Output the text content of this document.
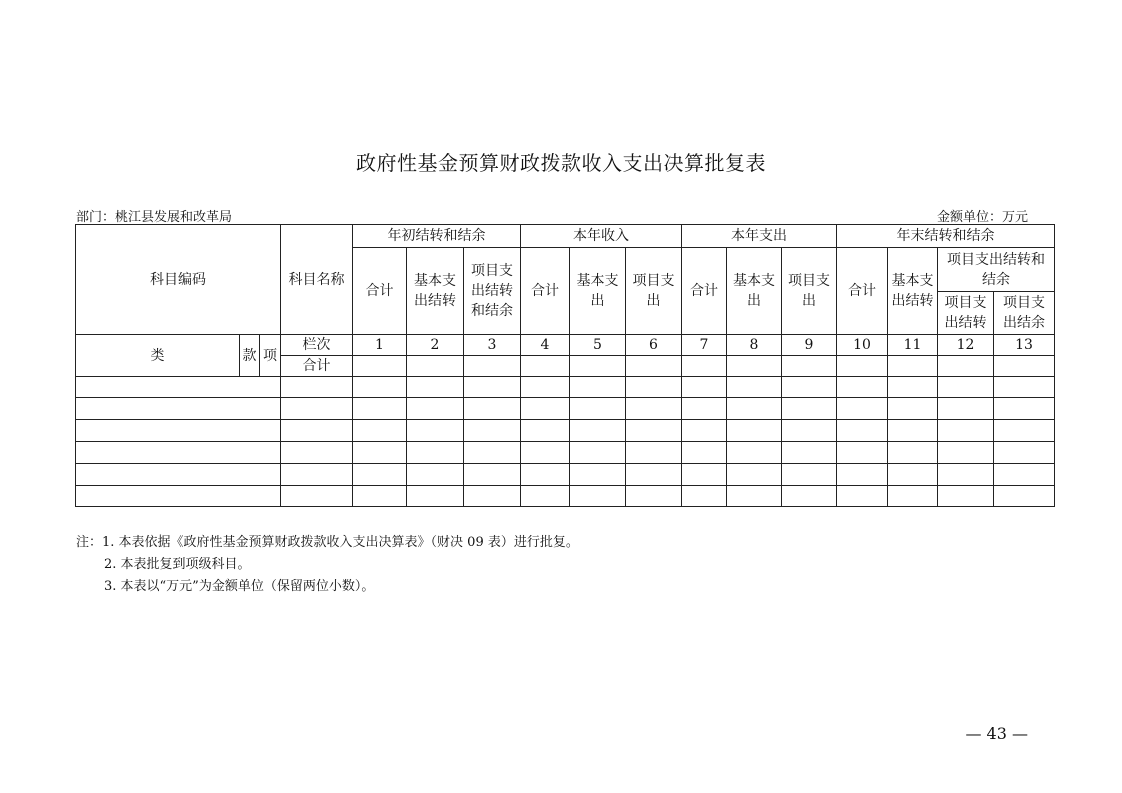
政府性基金预算财政拨款收入支出决算批复表
部门：桃江县发展和改革局	金额单位：万元
科目编码			科目名称	年初结转和结余			本年收入			本年支出			年末结转和结余			
				合计	基本支出结转	项目支出结转和结余	合计	基本支出	项目支出	合计	基本支出	项目支出	合计	基本支出结转	项目支出结转和结余	
															项目支出结转	项目支出结余

类	款	项	栏次	1	2	3	4	5	6	7	8	9	10	11	12	13
			合计													

注：1. 本表依据《政府性基金预算财政拨款收入支出决算表》（财决 09 表）进行批复。
2. 本表批复到项级科目。
3. 本表以“万元”为金额单位（保留两位小数）。
— 43 —
